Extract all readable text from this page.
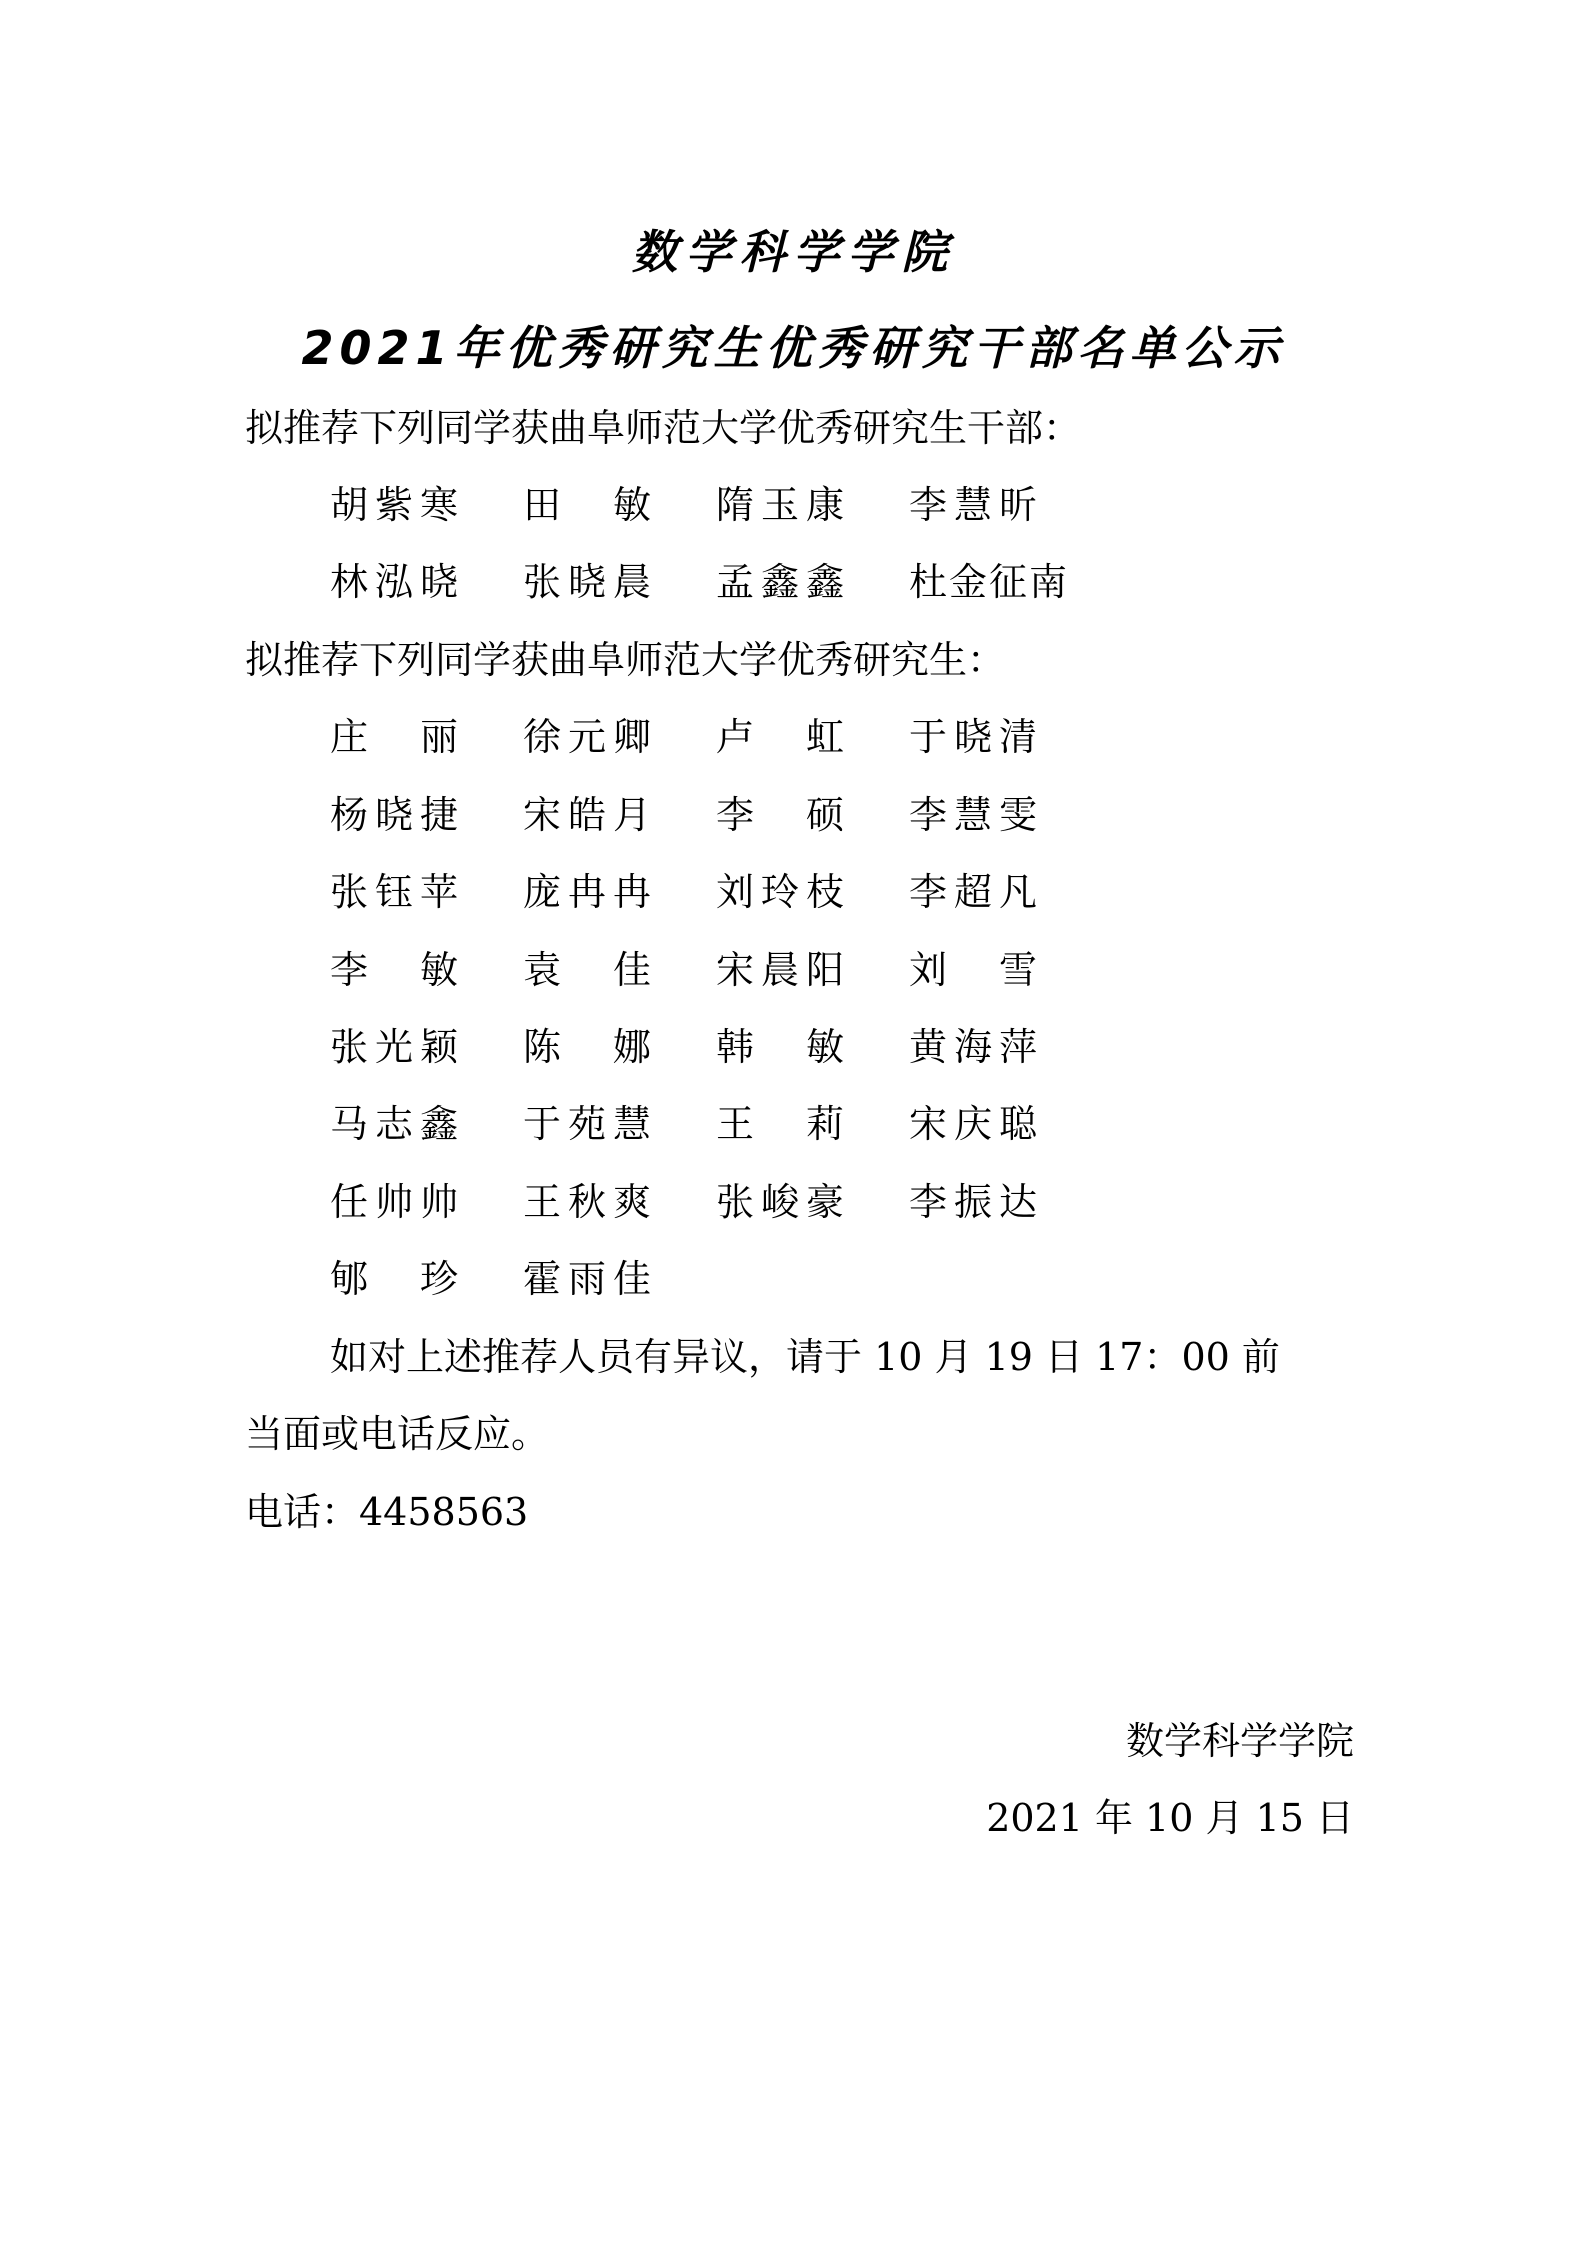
数学科学学院
2021年优秀研究生优秀研究干部名单公示
拟推荐下列同学获曲阜师范大学优秀研究生干部：
胡紫寒 田敏 隋玉康 李慧昕
林泓晓 张晓晨 孟鑫鑫 杜金征南
拟推荐下列同学获曲阜师范大学优秀研究生：
庄丽 徐元卿 卢虹 于晓清
杨晓捷 宋皓月 李硕 李慧雯
张钰苹 庞冉冉 刘玲枝 李超凡
李敏 袁佳 宋晨阳 刘雪
张光颖 陈娜 韩敏 黄海萍
马志鑫 于苑慧 王莉 宋庆聪
任帅帅 王秋爽 张峻豪 李振达
郇珍 霍雨佳
如对上述推荐人员有异议，请于 10 月 19 日 17：00 前
当面或电话反应。
电话：4458563
数学科学学院
2021 年 10 月 15 日
